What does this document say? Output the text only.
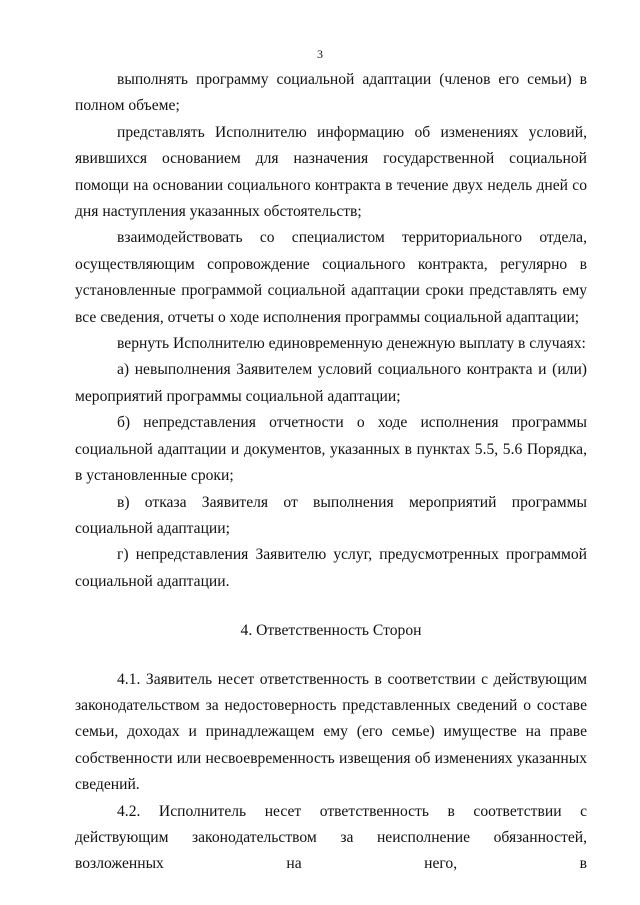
3

выполнять программу социальной адаптации (членов его семьи) в полном объеме;

представлять Исполнителю информацию об изменениях условий, явившихся основанием для назначения государственной социальной помощи на основании социального контракта в течение двух недель дней со дня наступления указанных обстоятельств;

взаимодействовать со специалистом территориального отдела, осуществляющим сопровождение социального контракта, регулярно в установленные программой социальной адаптации сроки представлять ему все сведения, отчеты о ходе исполнения программы социальной адаптации;

вернуть Исполнителю единовременную денежную выплату в случаях:

а) невыполнения Заявителем условий социального контракта и (или) мероприятий программы социальной адаптации;

б) непредставления отчетности о ходе исполнения программы социальной адаптации и документов, указанных в пунктах 5.5, 5.6 Порядка, в установленные сроки;

в) отказа Заявителя от выполнения мероприятий программы социальной адаптации;

г) непредставления Заявителю услуг, предусмотренных программой социальной адаптации.

4. Ответственность Сторон

4.1. Заявитель несет ответственность в соответствии с действующим законодательством за недостоверность представленных сведений о составе семьи, доходах и принадлежащем ему (его семье) имуществе на праве собственности или несвоевременность извещения об изменениях указанных сведений.

4.2. Исполнитель несет ответственность в соответствии с действующим законодательством за неисполнение обязанностей, возложенных на него, в
